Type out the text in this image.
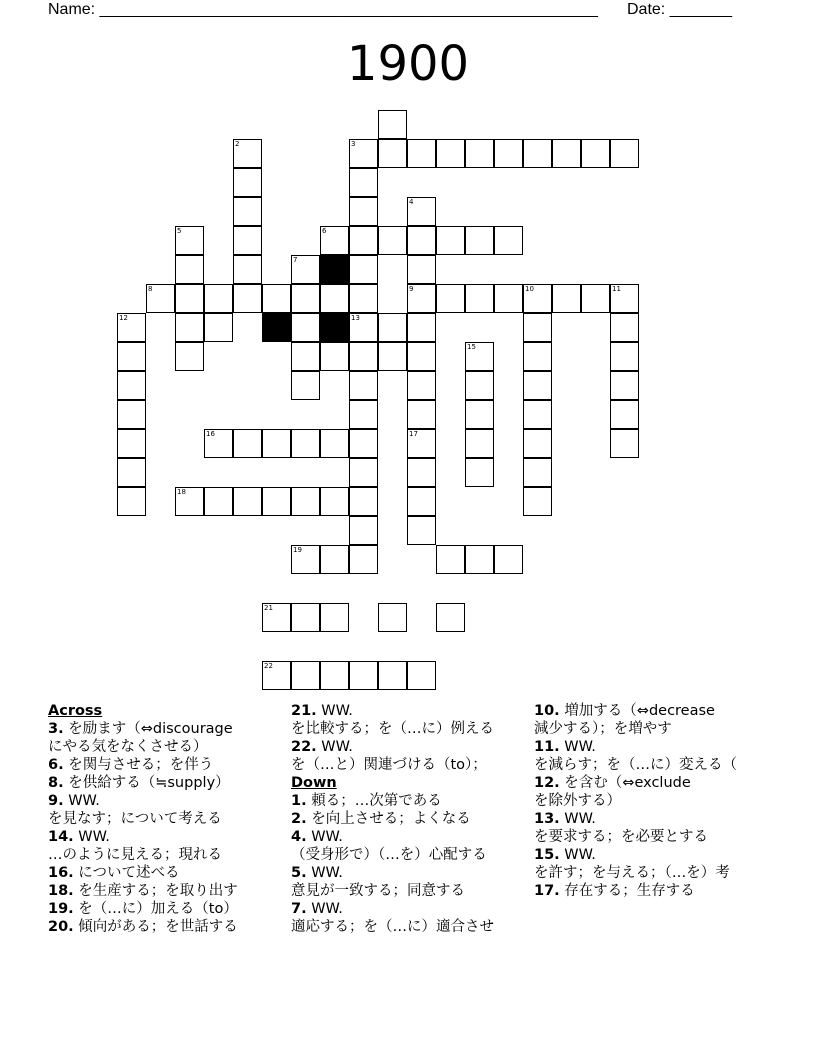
Name: ________________________________________________________ Date: _______
1900
3
2
13
4
9
17
6
5
7
8	10	11
12
15
16
18
19
21
22
Across
3. を励ます（⇔discourage
にやる気をなくさせる）
6. を関与させる；を伴う
8. を供給する（≒supply）
9. WW.
を見なす；について考える
14. WW.
…のように見える；現れる
16. について述べる
18. を生産する；を取り出す
19. を（…に）加える（to）
20. 傾向がある；を世話する
21. WW.
を比較する；を（…に）例える
22. WW.
を（…と）関連づける（to）；
Down
1. 頼る；…次第である
2. を向上させる；よくなる
4. WW.
（受身形で）（…を）心配する
5. WW.
意見が一致する；同意する
7. WW.
適応する；を（…に）適合させ
10. 増加する（⇔decrease
減少する）；を増やす
11. WW.
を減らす；を（…に）変える（
12. を含む（⇔exclude
を除外する）
13. WW.
を要求する；を必要とする
15. WW.
を許す；を与える；（…を）考
17. 存在する；生存する
